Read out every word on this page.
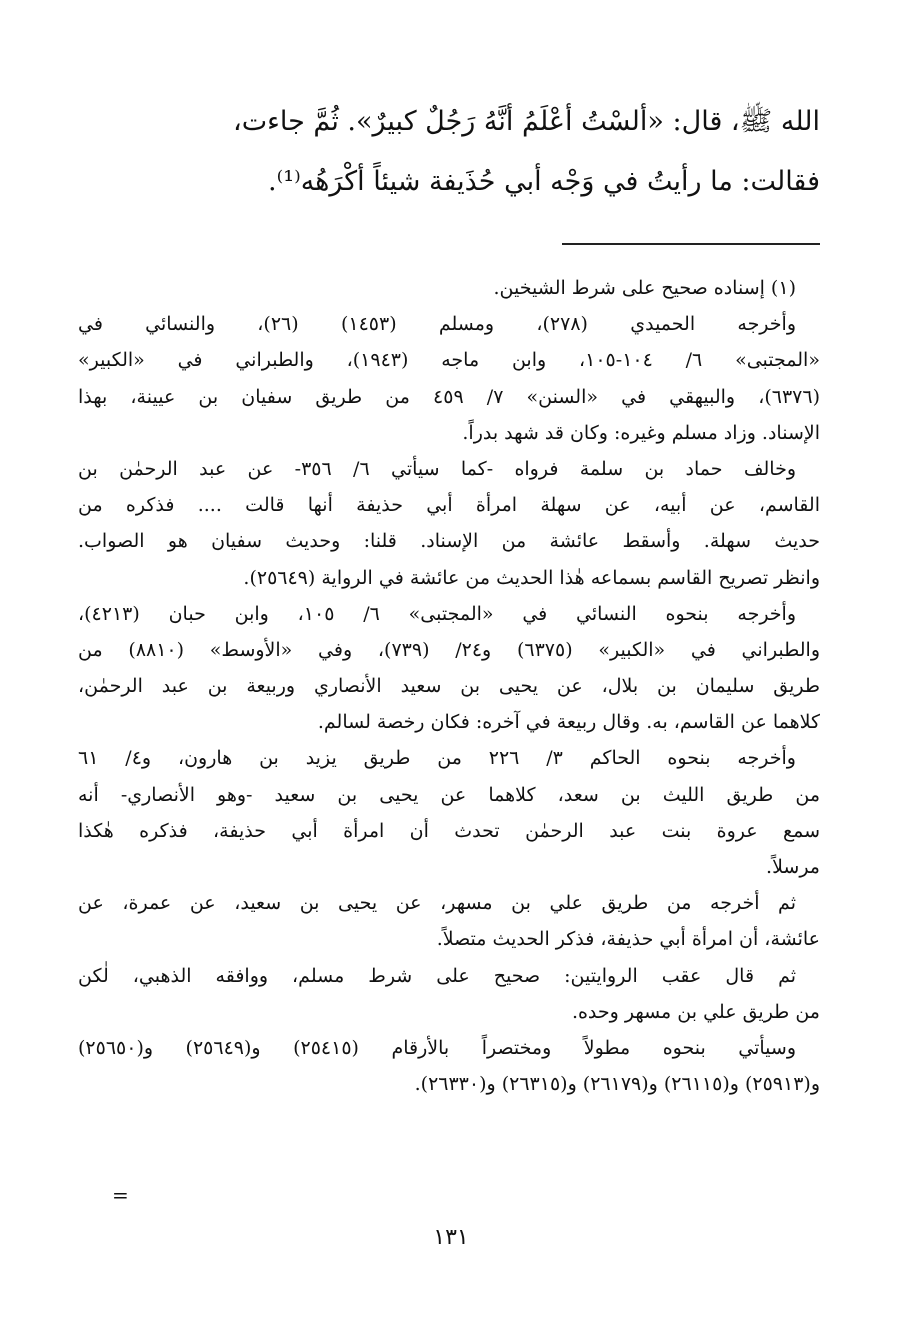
الله ﷺ، قال: «ألسْتُ أعْلَمُ أنَّهُ رَجُلٌ كبيرٌ». ثُمَّ جاءت،
فقالت: ما رأيتُ في وَجْه أبي حُذَيفة شيئاً أكْرَهُه⁽¹⁾.

(١) إسناده صحيح على شرط الشيخين.
وأخرجه الحميدي (٢٧٨)، ومسلم (١٤٥٣) (٢٦)، والنسائي في
«المجتبى» ٦/ ١٠٤-١٠٥، وابن ماجه (١٩٤٣)، والطبراني في «الكبير»
(٦٣٧٦)، والبيهقي في «السنن» ٧/ ٤٥٩ من طريق سفيان بن عيينة، بهذا
الإسناد. وزاد مسلم وغيره: وكان قد شهد بدراً.
وخالف حماد بن سلمة فرواه -كما سيأتي ٦/ ٣٥٦- عن عبد الرحمٰن بن
القاسم، عن أبيه، عن سهلة امرأة أبي حذيفة أنها قالت .... فذكره من
حديث سهلة. وأسقط عائشة من الإسناد. قلنا: وحديث سفيان هو الصواب.
وانظر تصريح القاسم بسماعه هٰذا الحديث من عائشة في الرواية (٢٥٦٤٩).
وأخرجه بنحوه النسائي في «المجتبى» ٦/ ١٠٥، وابن حبان (٤٢١٣)،
والطبراني في «الكبير» (٦٣٧٥) و٢٤/ (٧٣٩)، وفي «الأوسط» (٨٨١٠) من
طريق سليمان بن بلال، عن يحيى بن سعيد الأنصاري وربيعة بن عبد الرحمٰن،
كلاهما عن القاسم، به. وقال ربيعة في آخره: فكان رخصة لسالم.
وأخرجه بنحوه الحاكم ٣/ ٢٢٦ من طريق يزيد بن هارون، و٤/ ٦١
من طريق الليث بن سعد، كلاهما عن يحيى بن سعيد -وهو الأنصاري- أنه
سمع عروة بنت عبد الرحمٰن تحدث أن امرأة أبي حذيفة، فذكره هٰكذا
مرسلاً.
ثم أخرجه من طريق علي بن مسهر، عن يحيى بن سعيد، عن عمرة، عن
عائشة، أن امرأة أبي حذيفة، فذكر الحديث متصلاً.
ثم قال عقب الروايتين: صحيح على شرط مسلم، ووافقه الذهبي، لٰكن
من طريق علي بن مسهر وحده.
وسيأتي بنحوه مطولاً ومختصراً بالأرقام (٢٥٤١٥) و(٢٥٦٤٩) و(٢٥٦٥٠)
و(٢٥٩١٣) و(٢٦١١٥) و(٢٦١٧٩) و(٢٦٣١٥) و(٢٦٣٣٠).
=
١٣١
